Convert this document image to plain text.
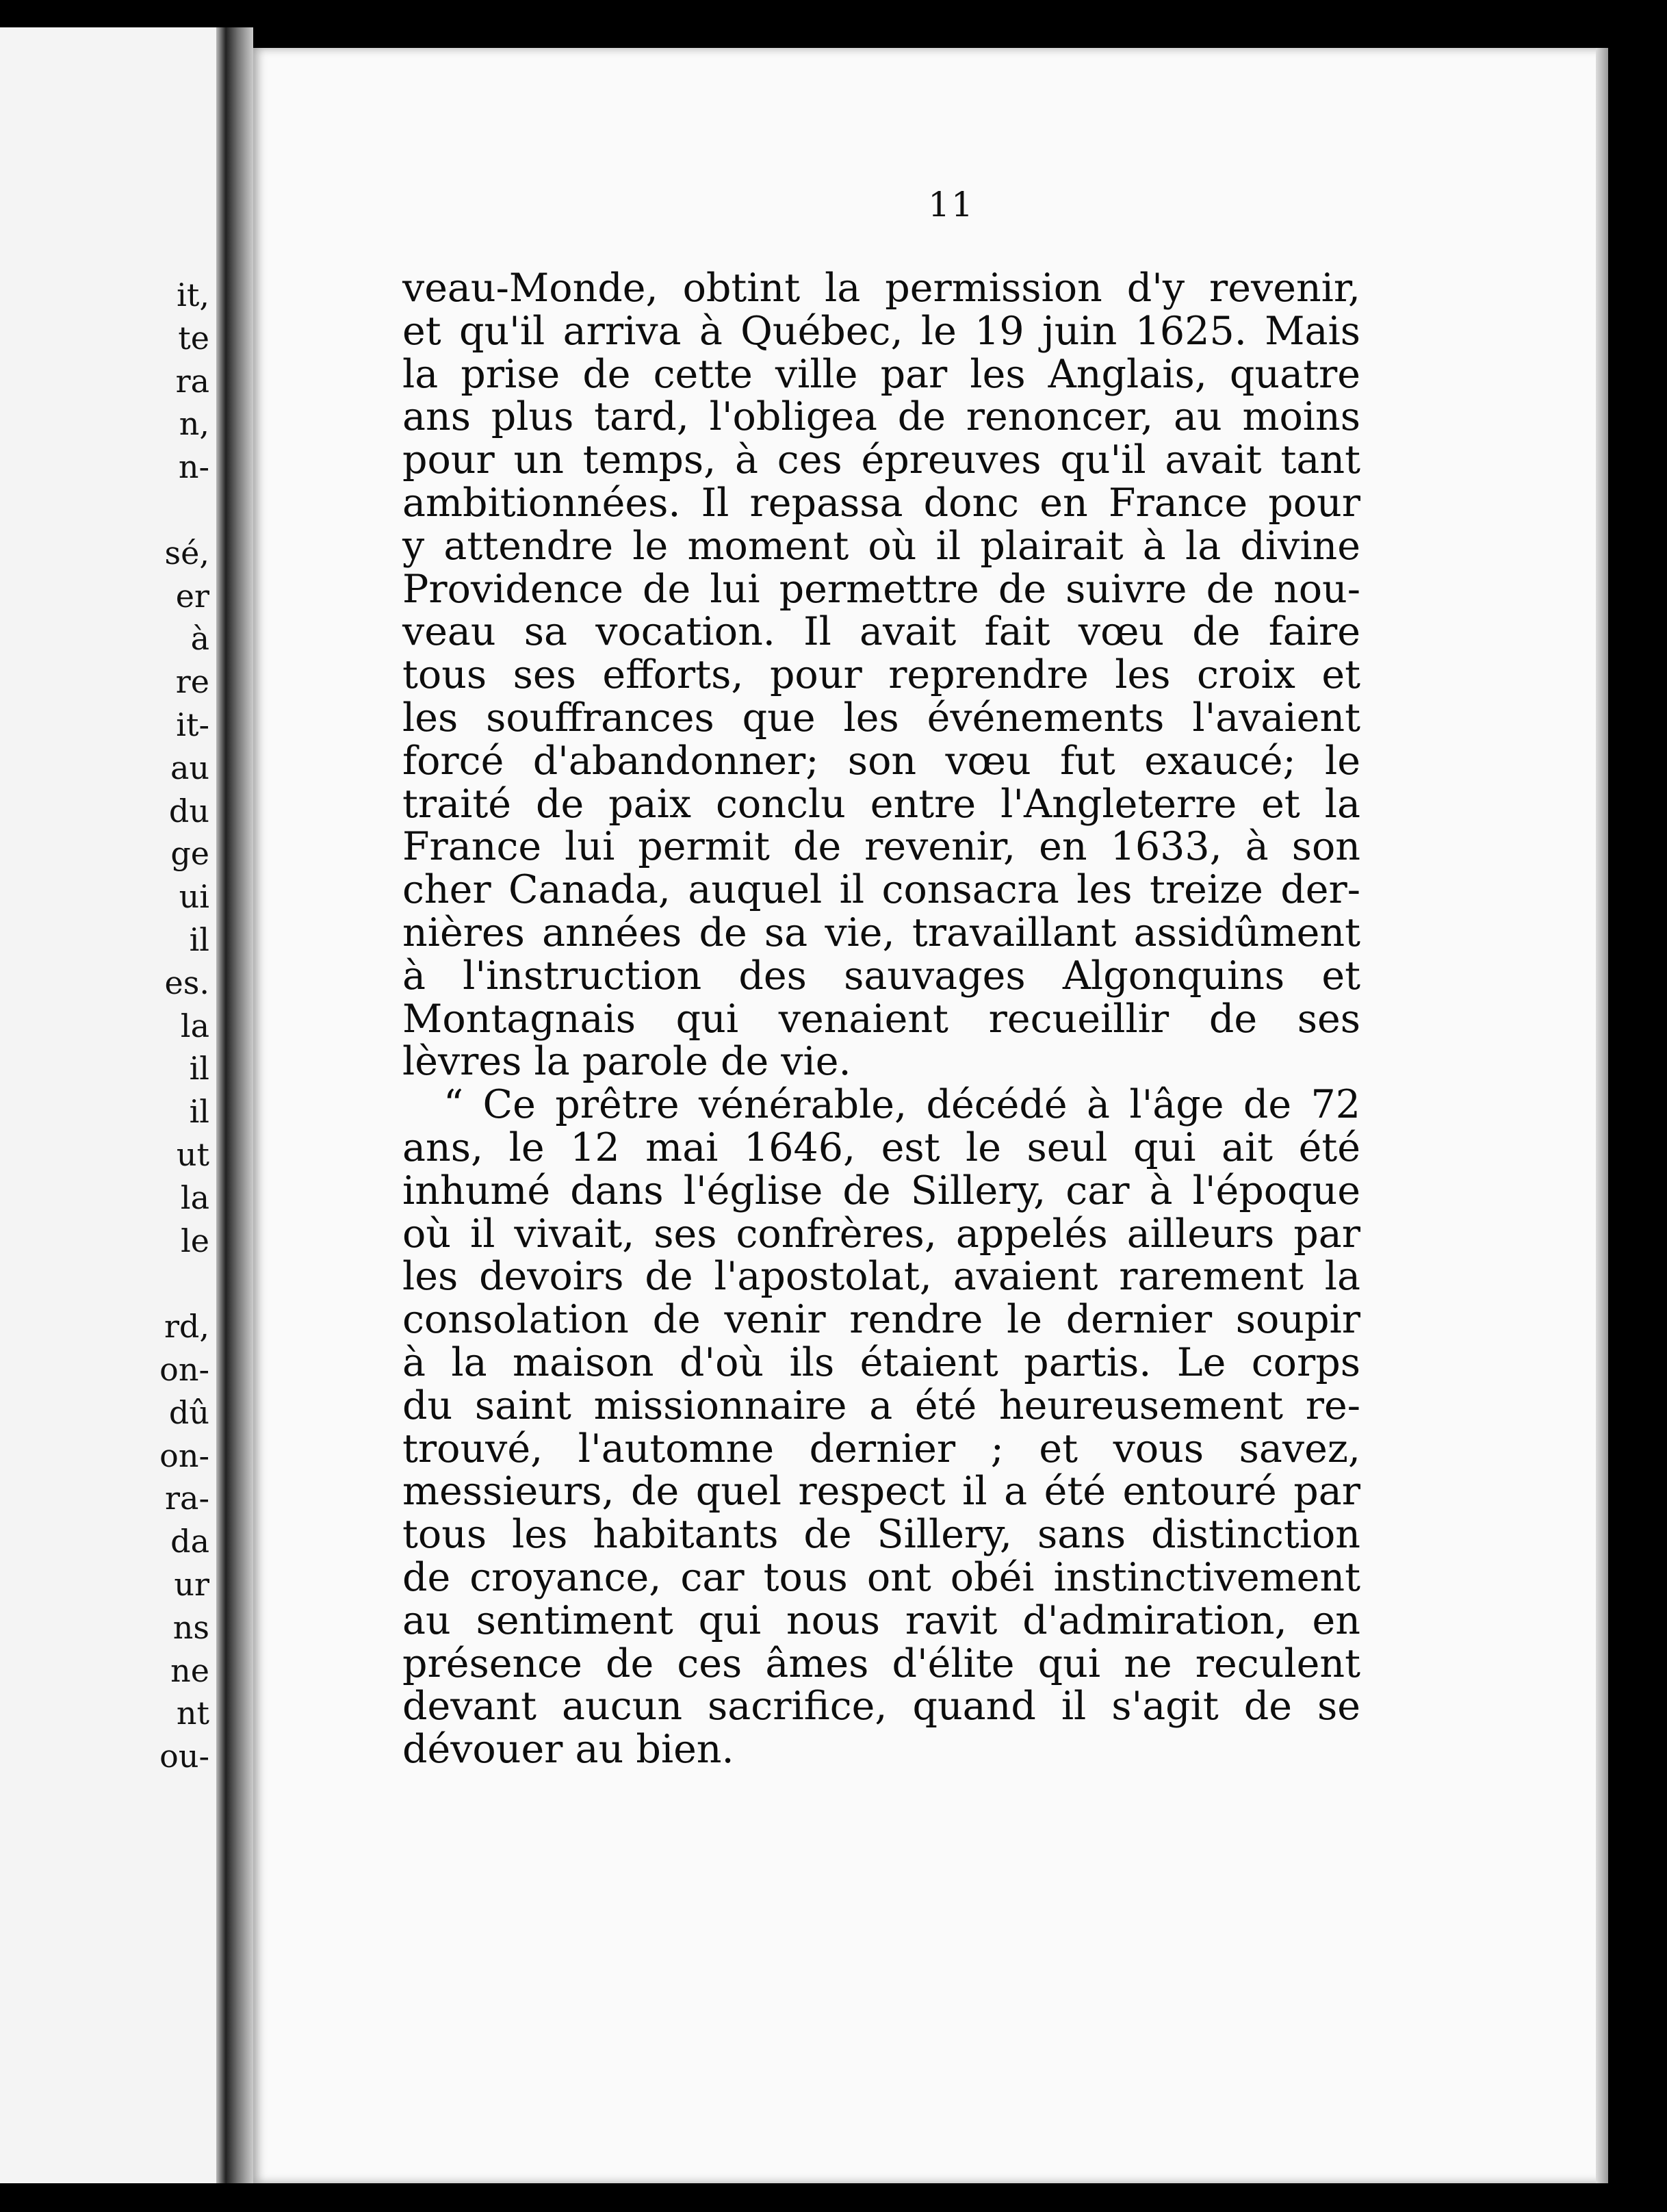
it,
te
ra
n,
n-
sé,
er
à
re
it-
au
du
ge
ui
il
es.
la
il
il
ut
la
le
rd,
on-
dû
on-
ra-
da
ur
ns
ne
nt
ou-
11
veau-Monde, obtint la permission d'y revenir,
et qu'il arriva à Québec, le 19 juin 1625. Mais
la prise de cette ville par les Anglais, quatre
ans plus tard, l'obligea de renoncer, au moins
pour un temps, à ces épreuves qu'il avait tant
ambitionnées. Il repassa donc en France pour
y attendre le moment où il plairait à la divine
Providence de lui permettre de suivre de nou-
veau sa vocation. Il avait fait vœu de faire
tous ses efforts, pour reprendre les croix et
les souffrances que les événements l'avaient
forcé d'abandonner; son vœu fut exaucé; le
traité de paix conclu entre l'Angleterre et la
France lui permit de revenir, en 1633, à son
cher Canada, auquel il consacra les treize der-
nières années de sa vie, travaillant assidûment
à l'instruction des sauvages Algonquins et
Montagnais qui venaient recueillir de ses
lèvres la parole de vie.
“ Ce prêtre vénérable, décédé à l'âge de 72
ans, le 12 mai 1646, est le seul qui ait été
inhumé dans l'église de Sillery, car à l'époque
où il vivait, ses confrères, appelés ailleurs par
les devoirs de l'apostolat, avaient rarement la
consolation de venir rendre le dernier soupir
à la maison d'où ils étaient partis. Le corps
du saint missionnaire a été heureusement re-
trouvé, l'automne dernier ; et vous savez,
messieurs, de quel respect il a été entouré par
tous les habitants de Sillery, sans distinction
de croyance, car tous ont obéi instinctivement
au sentiment qui nous ravit d'admiration, en
présence de ces âmes d'élite qui ne reculent
devant aucun sacrifice, quand il s'agit de se
dévouer au bien.
